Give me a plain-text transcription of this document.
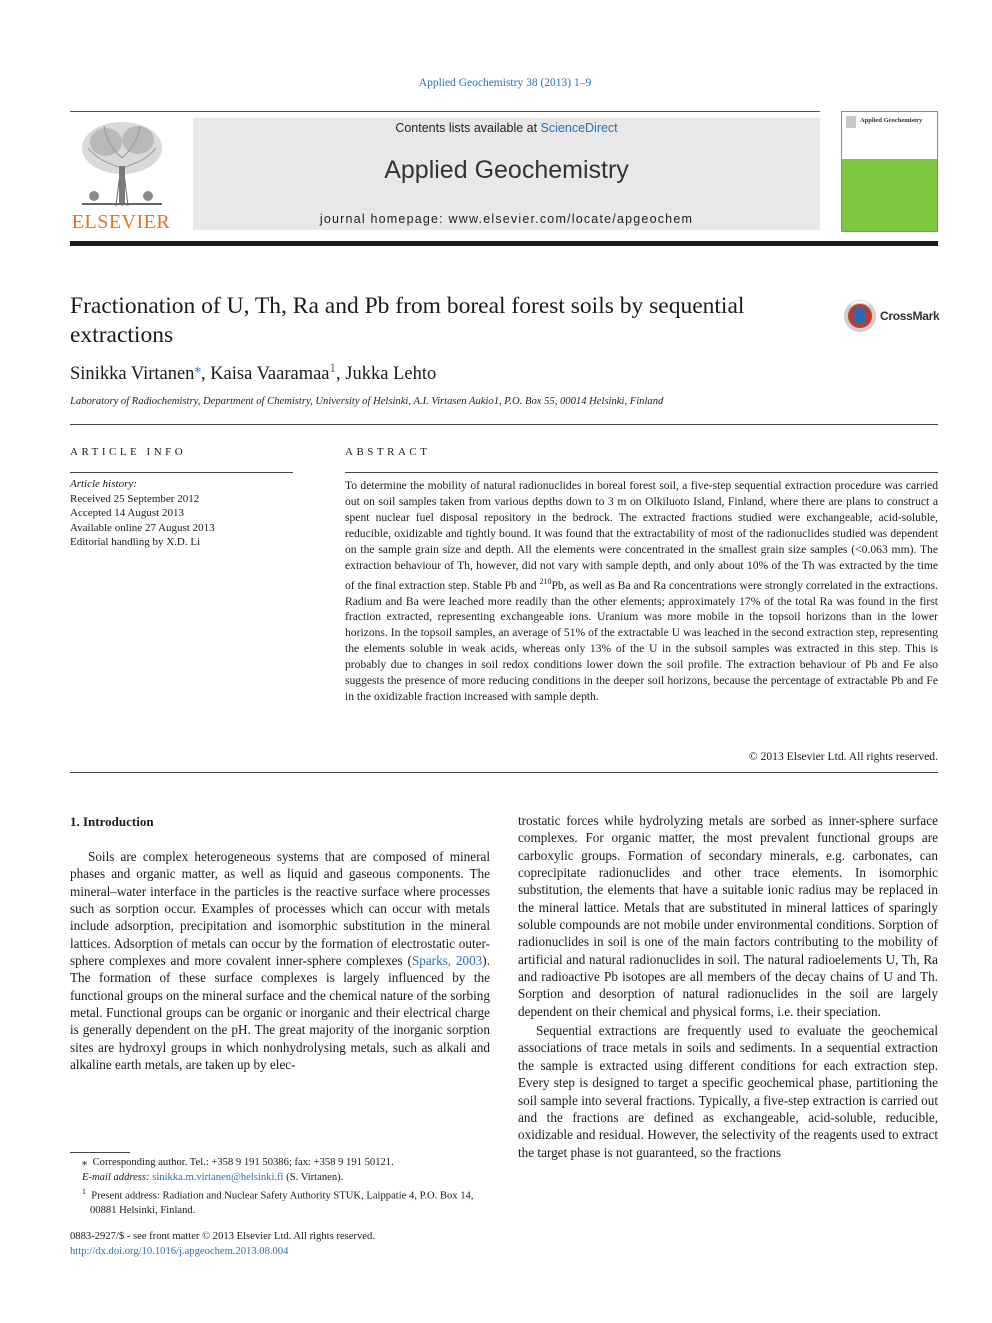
Applied Geochemistry 38 (2013) 1–9
ELSEVIER
Contents lists available at ScienceDirect
Applied Geochemistry
journal homepage: www.elsevier.com/locate/apgeochem
Applied Geochemistry
Fractionation of U, Th, Ra and Pb from boreal forest soils by sequential extractions
CrossMark
Sinikka Virtanen⁎, Kaisa Vaaramaa$^1$, Jukka Lehto
Laboratory of Radiochemistry, Department of Chemistry, University of Helsinki, A.I. Virtasen Aukio1, P.O. Box 55, 00014 Helsinki, Finland
ARTICLE INFO	ABSTRACT
Article history:
Received 25 September 2012
Accepted 14 August 2013
Available online 27 August 2013
Editorial handling by X.D. Li
To determine the mobility of natural radionuclides in boreal forest soil, a five-step sequential extraction procedure was carried out on soil samples taken from various depths down to 3 m on Olkiluoto Island, Finland, where there are plans to construct a spent nuclear fuel disposal repository in the bedrock. The extracted fractions studied were exchangeable, acid-soluble, reducible, oxidizable and tightly bound. It was found that the extractability of most of the radionuclides studied was dependent on the sample grain size and depth. All the elements were concentrated in the smallest grain size samples (<0.063 mm). The extraction behaviour of Th, however, did not vary with sample depth, and only about 10% of the Th was extracted by the time of the final extraction step. Stable Pb and $^{210}$Pb, as well as Ba and Ra concentrations were strongly correlated in the extractions. Radium and Ba were leached more readily than the other elements; approximately 17% of the total Ra was found in the first fraction extracted, representing exchangeable ions. Uranium was more mobile in the topsoil horizons than in the lower horizons. In the topsoil samples, an average of 51% of the extractable U was leached in the second extraction step, representing the elements soluble in weak acids, whereas only 13% of the U in the subsoil samples was extracted in this step. This is probably due to changes in soil redox conditions lower down the soil profile. The extraction behaviour of Pb and Fe also suggests the presence of more reducing conditions in the deeper soil horizons, because the percentage of extractable Pb and Fe in the oxidizable fraction increased with sample depth.
© 2013 Elsevier Ltd. All rights reserved.
1. Introduction

Soils are complex heterogeneous systems that are composed of mineral phases and organic matter, as well as liquid and gaseous components. The mineral–water interface in the particles is the reactive surface where processes such as sorption occur. Examples of processes which can occur with metals include adsorption, precipitation and isomorphic substitution in the mineral lattices. Adsorption of metals can occur by the formation of electrostatic outer-sphere complexes and more covalent inner-sphere complexes (Sparks, 2003). The formation of these surface complexes is largely influenced by the functional groups on the mineral surface and the chemical nature of the sorbing metal. Functional groups can be organic or inorganic and their electrical charge is generally dependent on the pH. The great majority of the inorganic sorption sites are hydroxyl groups in which nonhydrolysing metals, such as alkali and alkaline earth metals, are taken up by elec-

trostatic forces while hydrolyzing metals are sorbed as inner-sphere surface complexes. For organic matter, the most prevalent functional groups are carboxylic groups. Formation of secondary minerals, e.g. carbonates, can coprecipitate radionuclides and other trace elements. In isomorphic substitution, the elements that have a suitable ionic radius may be replaced in the mineral lattice. Metals that are substituted in mineral lattices of sparingly soluble compounds are not mobile under environmental conditions. Sorption of radionuclides in soil is one of the main factors contributing to the mobility of artificial and natural radionuclides in soil. The natural radioelements U, Th, Ra and radioactive Pb isotopes are all members of the decay chains of U and Th. Sorption and desorption of natural radionuclides in the soil are largely dependent on their chemical and physical forms, i.e. their speciation.

Sequential extractions are frequently used to evaluate the geochemical associations of trace metals in soils and sediments. In a sequential extraction the sample is extracted using different conditions for each extraction step. Every step is designed to target a specific geochemical phase, partitioning the soil sample into several fractions. Typically, a five-step extraction is carried out and the fractions are defined as exchangeable, acid-soluble, reducible, oxidizable and residual. However, the selectivity of the reagents used to extract the target phase is not guaranteed, so the fractions

⁎ Corresponding author. Tel.: +358 9 191 50386; fax: +358 9 191 50121.
E-mail address: sinikka.m.virtanen@helsinki.fi (S. Virtanen).
$^1$ Present address: Radiation and Nuclear Safety Authority STUK, Laippatie 4, P.O. Box 14, 00881 Helsinki, Finland.
0883-2927/$ - see front matter © 2013 Elsevier Ltd. All rights reserved.
http://dx.doi.org/10.1016/j.apgeochem.2013.08.004
